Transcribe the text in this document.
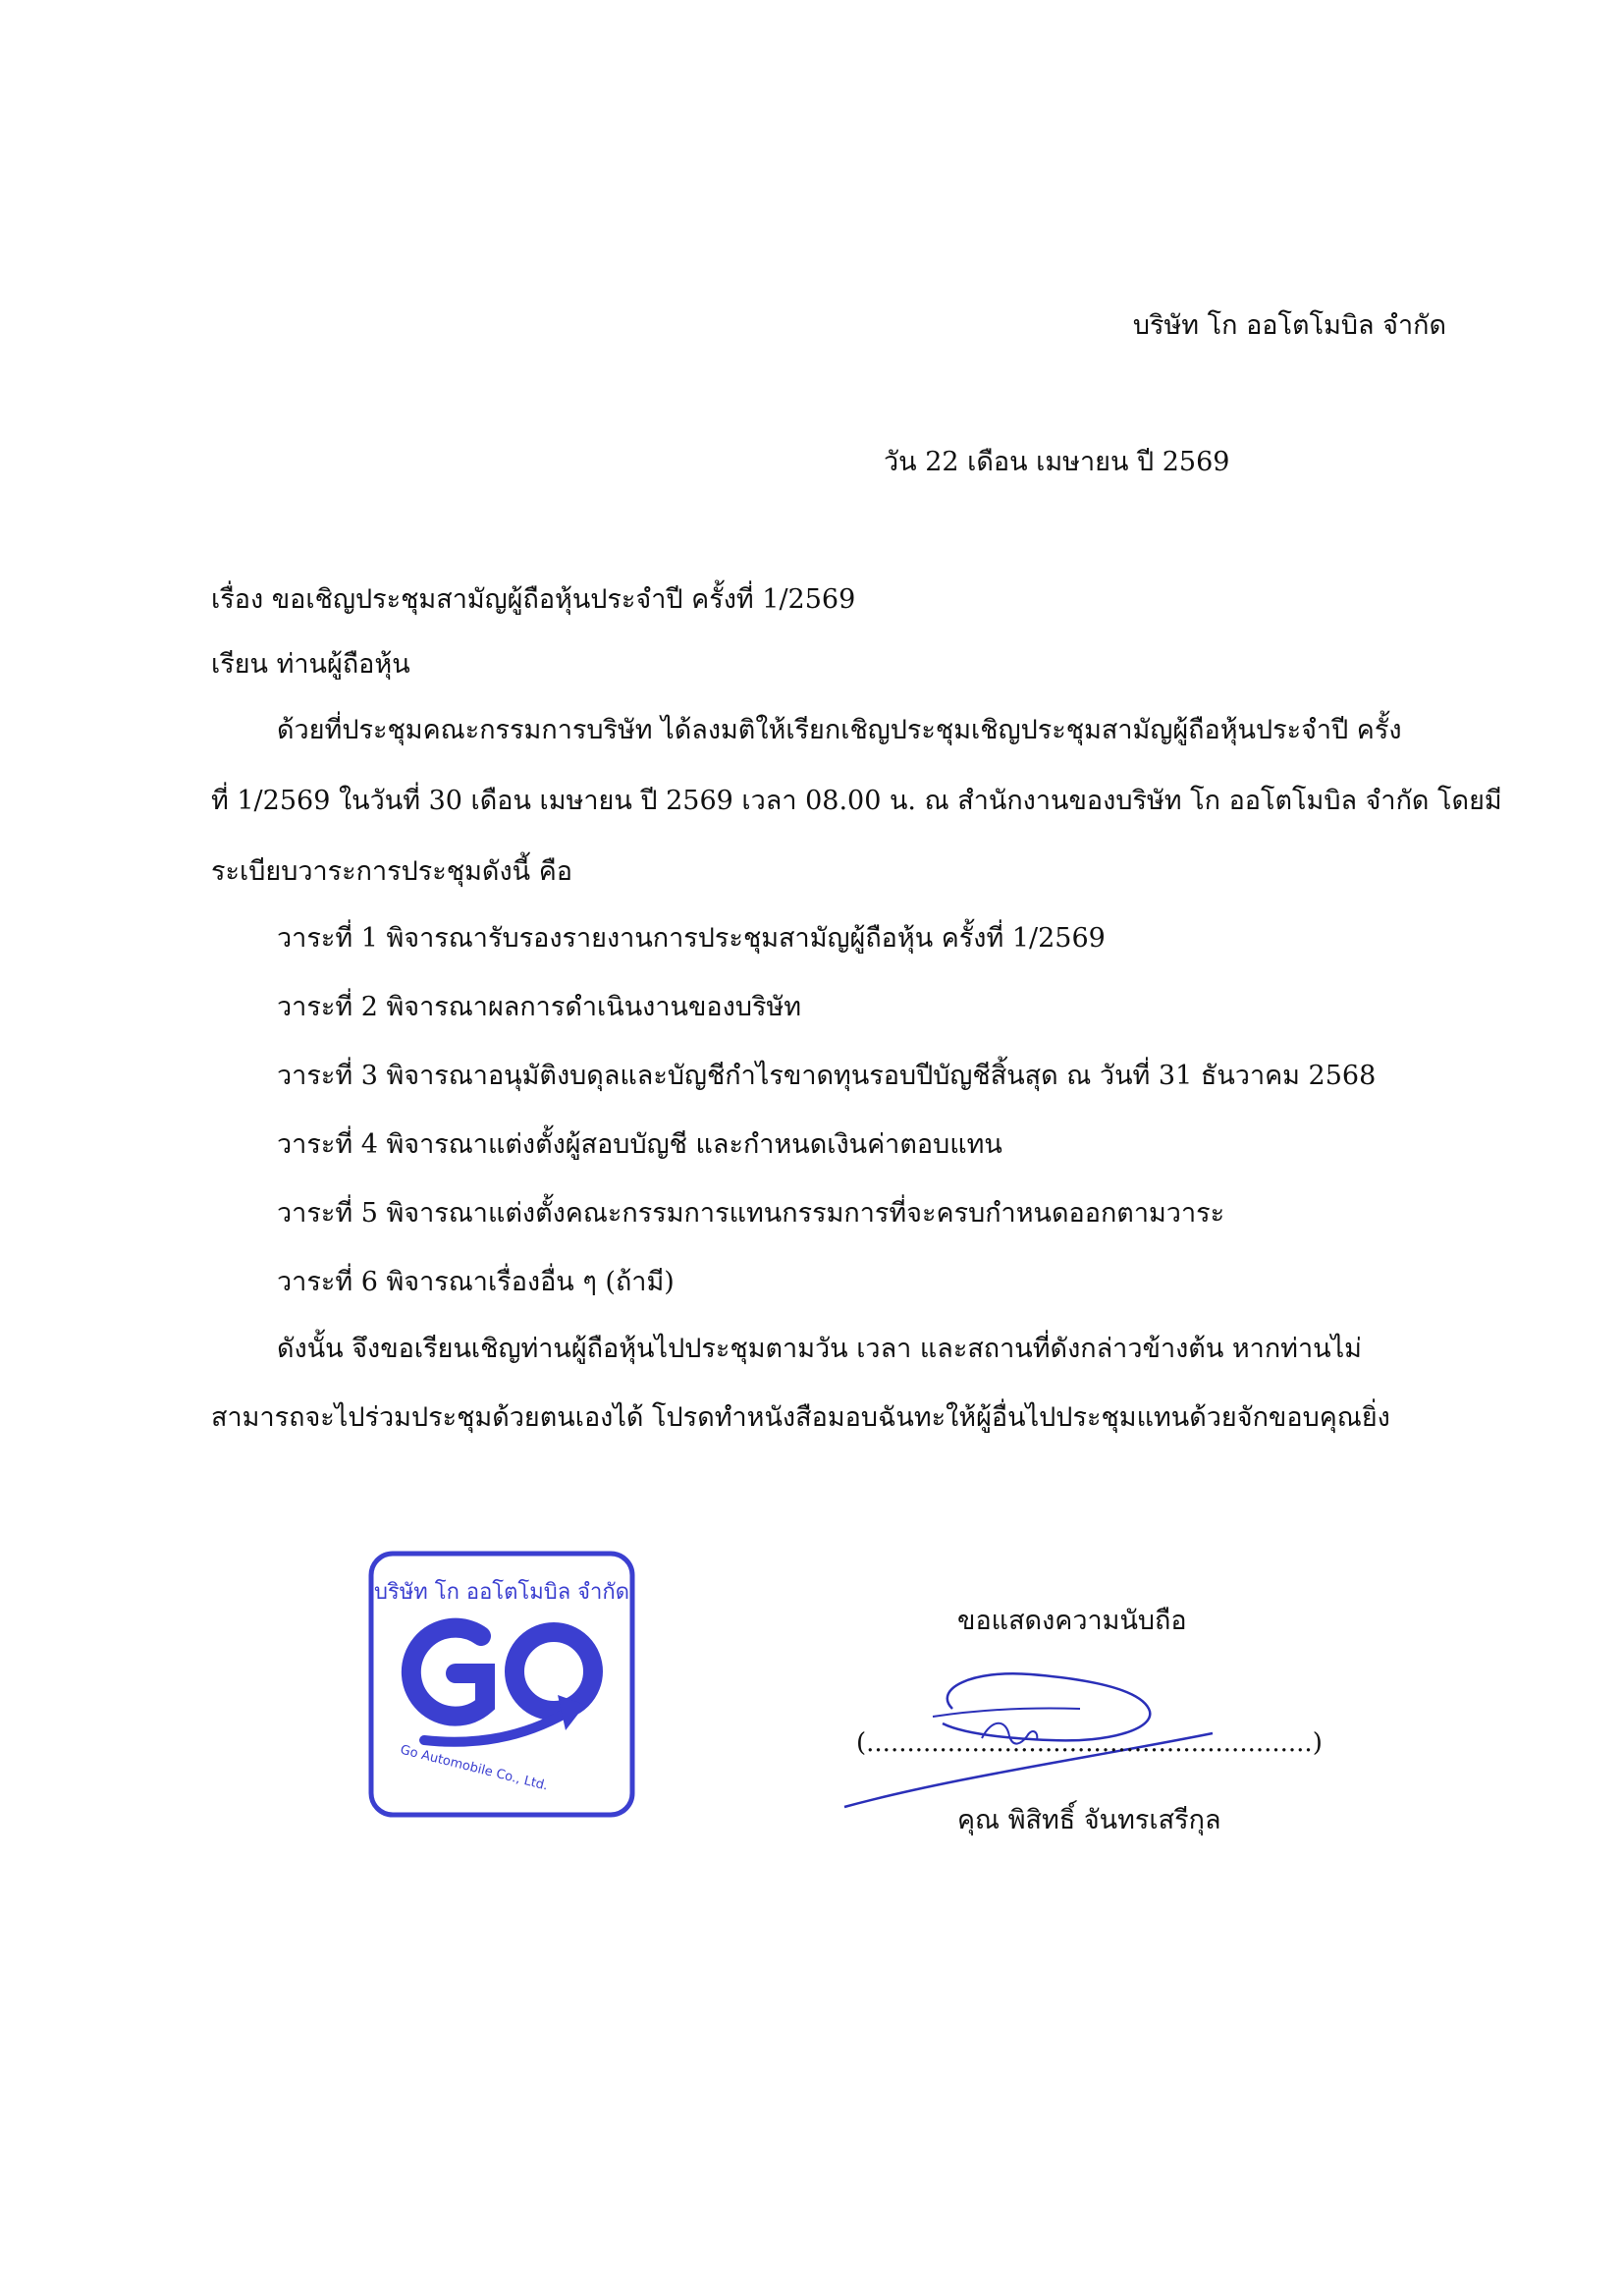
บริษัท โก ออโตโมบิล จำกัด
วัน 22 เดือน เมษายน ปี 2569
เรื่อง ขอเชิญประชุมสามัญผู้ถือหุ้นประจำปี ครั้งที่ 1/2569
เรียน ท่านผู้ถือหุ้น
ด้วยที่ประชุมคณะกรรมการบริษัท ได้ลงมติให้เรียกเชิญประชุมเชิญประชุมสามัญผู้ถือหุ้นประจำปี ครั้ง
ที่ 1/2569 ในวันที่ 30 เดือน เมษายน ปี 2569 เวลา 08.00 น. ณ สำนักงานของบริษัท โก ออโตโมบิล จำกัด โดยมี
ระเบียบวาระการประชุมดังนี้ คือ
วาระที่ 1 พิจารณารับรองรายงานการประชุมสามัญผู้ถือหุ้น ครั้งที่ 1/2569
วาระที่ 2 พิจารณาผลการดำเนินงานของบริษัท
วาระที่ 3 พิจารณาอนุมัติงบดุลและบัญชีกำไรขาดทุนรอบปีบัญชีสิ้นสุด ณ วันที่ 31 ธันวาคม 2568
วาระที่ 4 พิจารณาแต่งตั้งผู้สอบบัญชี และกำหนดเงินค่าตอบแทน
วาระที่ 5 พิจารณาแต่งตั้งคณะกรรมการแทนกรรมการที่จะครบกำหนดออกตามวาระ
วาระที่ 6 พิจารณาเรื่องอื่น ๆ (ถ้ามี)
ดังนั้น จึงขอเรียนเชิญท่านผู้ถือหุ้นไปประชุมตามวัน เวลา และสถานที่ดังกล่าวข้างต้น หากท่านไม่
สามารถจะไปร่วมประชุมด้วยตนเองได้ โปรดทำหนังสือมอบฉันทะให้ผู้อื่นไปประชุมแทนด้วยจักขอบคุณยิ่ง
บริษัท โก ออโตโมบิล จำกัด
Go Automobile Co., Ltd.
ขอแสดงความนับถือ
(.......................................................)
คุณ พิสิทธิ์ จันทรเสรีกุล
